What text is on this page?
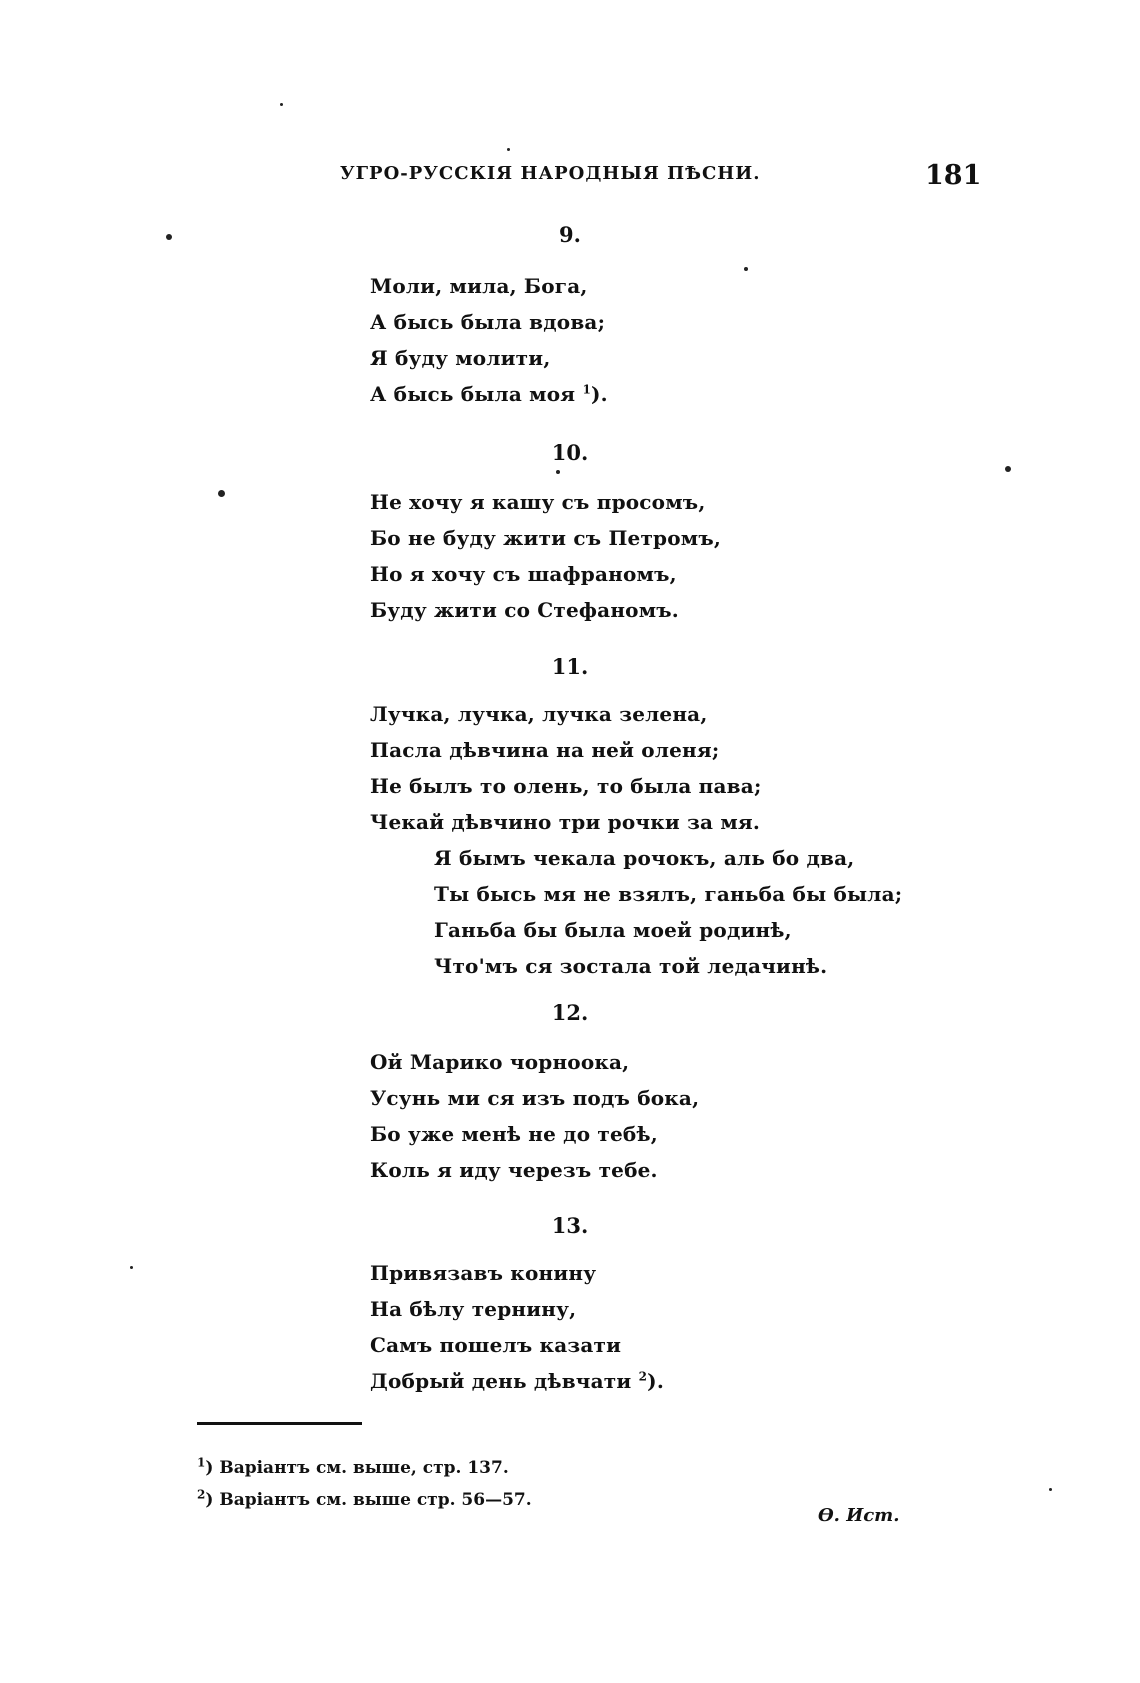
УГРО-РУССКІЯ НАРОДНЫЯ ПѢСНИ.	181
9.
Моли, мила, Бога,
А бысь была вдова;
Я буду молити,
А бысь была моя $^1$).
10.
Не хочу я кашу съ просомъ,
Бо не буду жити съ Петромъ,
Но я хочу съ шафраномъ,
Буду жити со Стефаномъ.
11.
Лучка, лучка, лучка зелена,
Пасла дѣвчина на ней оленя;
Не былъ то олень, то была пава;
Чекай дѣвчино три рочки за мя.
Я бымъ чекала рочокъ, аль бо два,
Ты бысь мя не взялъ, ганьба бы была;
Ганьба бы была моей родинѣ,
Что'мъ ся зостала той ледачинѣ.
12.
Ой Марико чорноока,
Усунь ми ся изъ подъ бока,
Бо уже менѣ не до тебѣ,
Коль я иду черезъ тебе.
13.
Привязавъ конину
На бѣлу тернину,
Самъ пошелъ казати
Добрый день дѣвчати $^2$).
$^1$) Варіантъ см. выше, стр. 137.
$^2$) Варіантъ см. выше стр. 56—57.
Ѳ. Ист.
